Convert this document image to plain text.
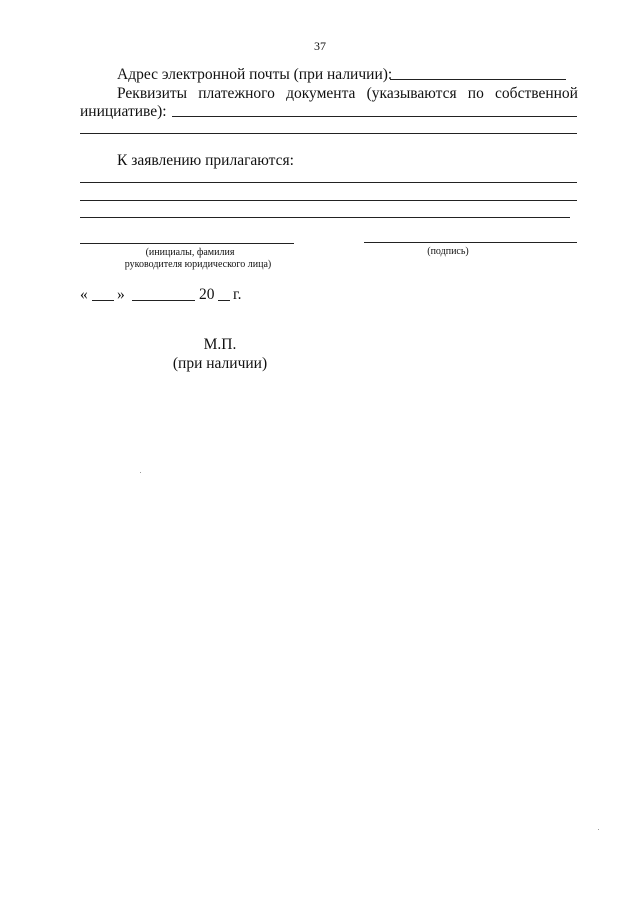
37
Адрес электронной почты (при наличии):
Реквизиты платежного документа (указываются по собственной
инициативе):
К заявлению прилагаются:
(инициалы, фамилия
руководителя юридического лица)
(подпись)
« »	20 г.
М.П.
(при наличии)
